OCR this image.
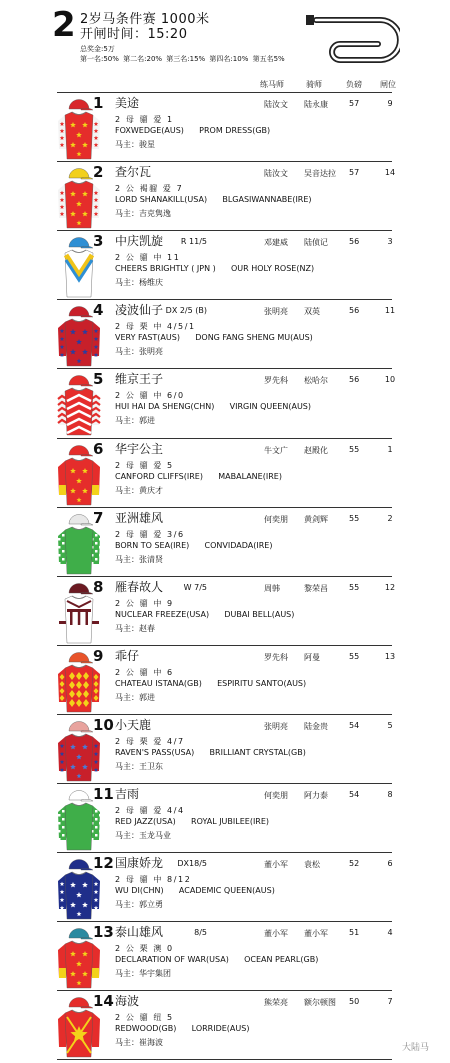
2 2岁马条件赛 1000米
开闸时间：15:20
总奖金:5万
第一名:50% 第二名:20% 第三名:15% 第四名:10% 第五名5%
练马师	骑师	负磅 闸位
1 美途	陆汝文 陆永康	57	9
2 母 骝 爱 1
FOXWEDGE(AUS) PROM DRESS(GB)
马主：骏星
2 查尔瓦	陆汝文 吴音达拉 57	14
2 公 褐骝 爱 7
LORD SHANAKILL(USA) BLGASIWANNABE(IRE)
马主：吉克隽逸
3 中庆凯旋 R 11/5	邓建威 陆侦记	56	3
2 公 骝 中 11
CHEERS BRIGHTLY ( JPN ) OUR HOLY ROSE(NZ)
马主：杨维庆
4 凌波仙子 DX 2/5 (B)	张明亮 双英	56	11
2 母 栗 中 4/5/1
VERY FAST(AUS) DONG FANG SHENG MU(AUS)
马主：张明亮
5 维京王子	罗先科 松哈尔	56	10
2 公 骝 中 6/0
HUI HAI DA SHENG(CHN) VIRGIN QUEEN(AUS)
马主：郭进
6 华宇公主	牛文广 赵殿化	55	1
2 母 骝 爱 5
CANFORD CLIFFS(IRE) MABALANE(IRE)
马主：黄庆才
7 亚洲雄风	何奕朋 黄剑辉	55	2
2 母 骝 爱 3/6
BORN TO SEA(IRE) CONVIDADA(IRE)
马主：张清贤
8 雁春故人	W 7/5	周韩	黎荣昌	55	12
2 公 骝 中 9
NUCLEAR FREEZE(USA) DUBAI BELL(AUS)
马主：赵春
9 乖仔	罗先科 阿曼	55	13
2 公 骝 中 6
CHATEAU ISTANA(GB) ESPIRITU SANTO(AUS)
马主：郭进
10 小天鹿	张明亮 陆金贵	54	5
2 母 栗 爱 4/7
RAVEN'S PASS(USA) BRILLIANT CRYSTAL(GB)
马主：王卫东
11 吉雨	何奕朋 阿力泰	54	8
2 母 骝 爱 4/4
RED JAZZ(USA) ROYAL JUBILEE(IRE)
马主：玉龙马业
12 国康娇龙 DX18/5	董小军 袁松	52	6
2 母 骝 中 8/12
WU DI(CHN) ACADEMIC QUEEN(AUS)
马主：郭立勇
13 泰山雄风	8/5	董小军 董小军	51	4
2 公 栗 澳 0
DECLARATION OF WAR(USA) OCEAN PEARL(GB)
马主：华宇集团
14 海波	熊荣亮 额尔顿图 50	7
2 公 骝 纽 5
REDWOOD(GB) LORRIDE(AUS)
马主：崔海波
大陆马
